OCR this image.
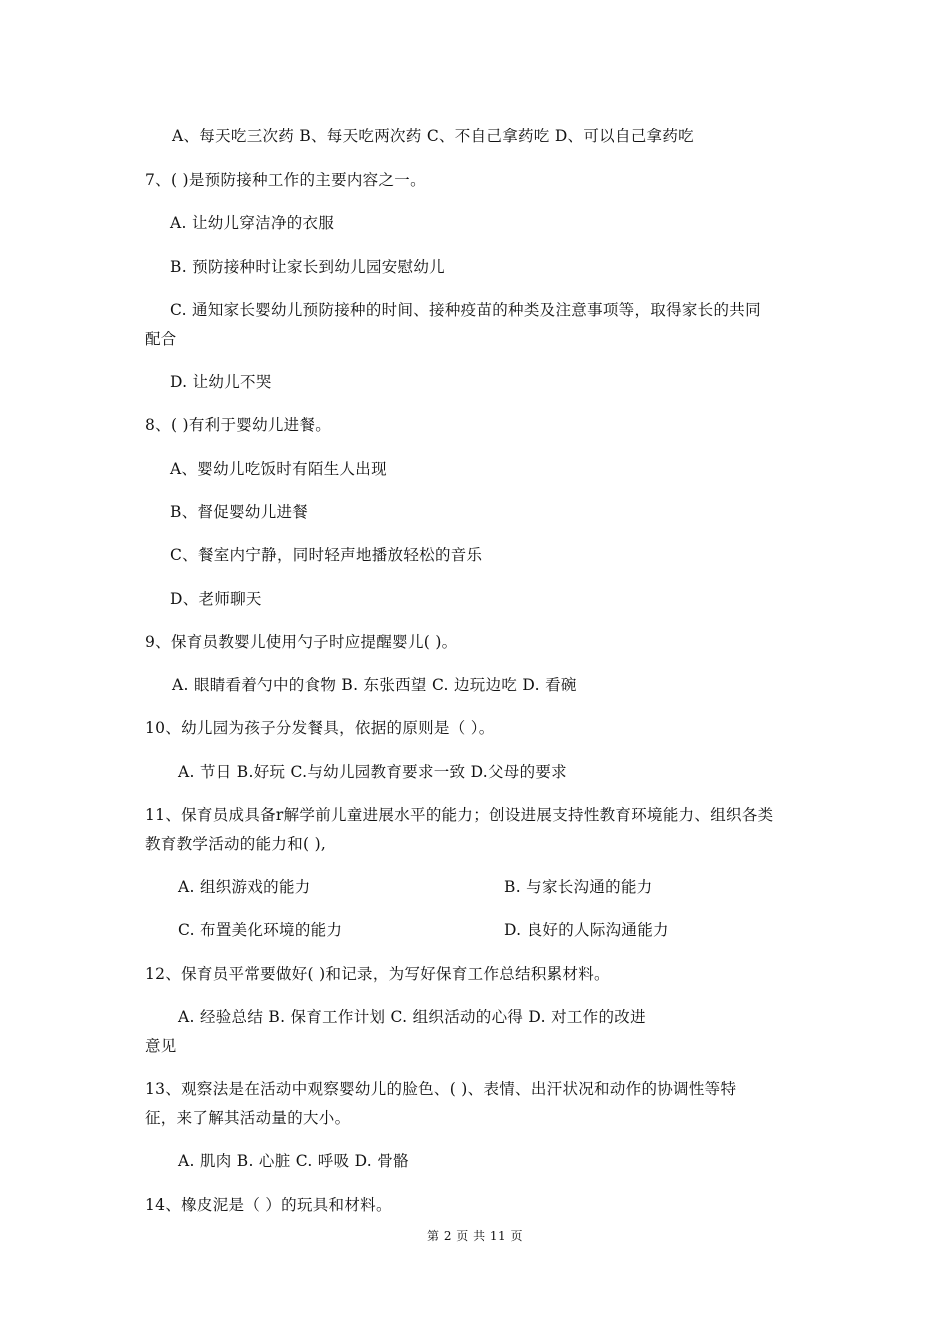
A、每天吃三次药 B、每天吃两次药 C、不自己拿药吃 D、可以自己拿药吃
7、( )是预防接种工作的主要内容之一。
A. 让幼儿穿洁净的衣服
B. 预防接种时让家长到幼儿园安慰幼儿
C. 通知家长婴幼儿预防接种的时间、接种疫苗的种类及注意事项等，取得家长的共同
配合
D. 让幼儿不哭
8、( )有利于婴幼儿进餐。
A、婴幼儿吃饭时有陌生人出现
B、督促婴幼儿进餐
C、餐室内宁静，同时轻声地播放轻松的音乐
D、老师聊天
9、保育员教婴儿使用勺子时应提醒婴儿( )。
A. 眼睛看着勺中的食物 B. 东张西望 C. 边玩边吃 D. 看碗
10、幼儿园为孩子分发餐具，依据的原则是（ ）。
A. 节日 B.好玩 C.与幼儿园教育要求一致 D.父母的要求
11、保育员成具备r解学前儿童进展水平的能力；创设进展支持性教育环境能力、组织各类
教育教学活动的能力和( ),
A. 组织游戏的能力	B. 与家长沟通的能力
C. 布置美化环境的能力	D. 良好的人际沟通能力
12、保育员平常要做好( )和记录，为写好保育工作总结积累材料。
A. 经验总结 B. 保育工作计划 C. 组织活动的心得 D. 对工作的改进
意见
13、观察法是在活动中观察婴幼儿的脸色、( )、表情、出汗状况和动作的协调性等特
征，来了解其活动量的大小。
A. 肌肉 B. 心脏 C. 呼吸 D. 骨骼
14、橡皮泥是（ ）的玩具和材料。
第 2 页 共 11 页
